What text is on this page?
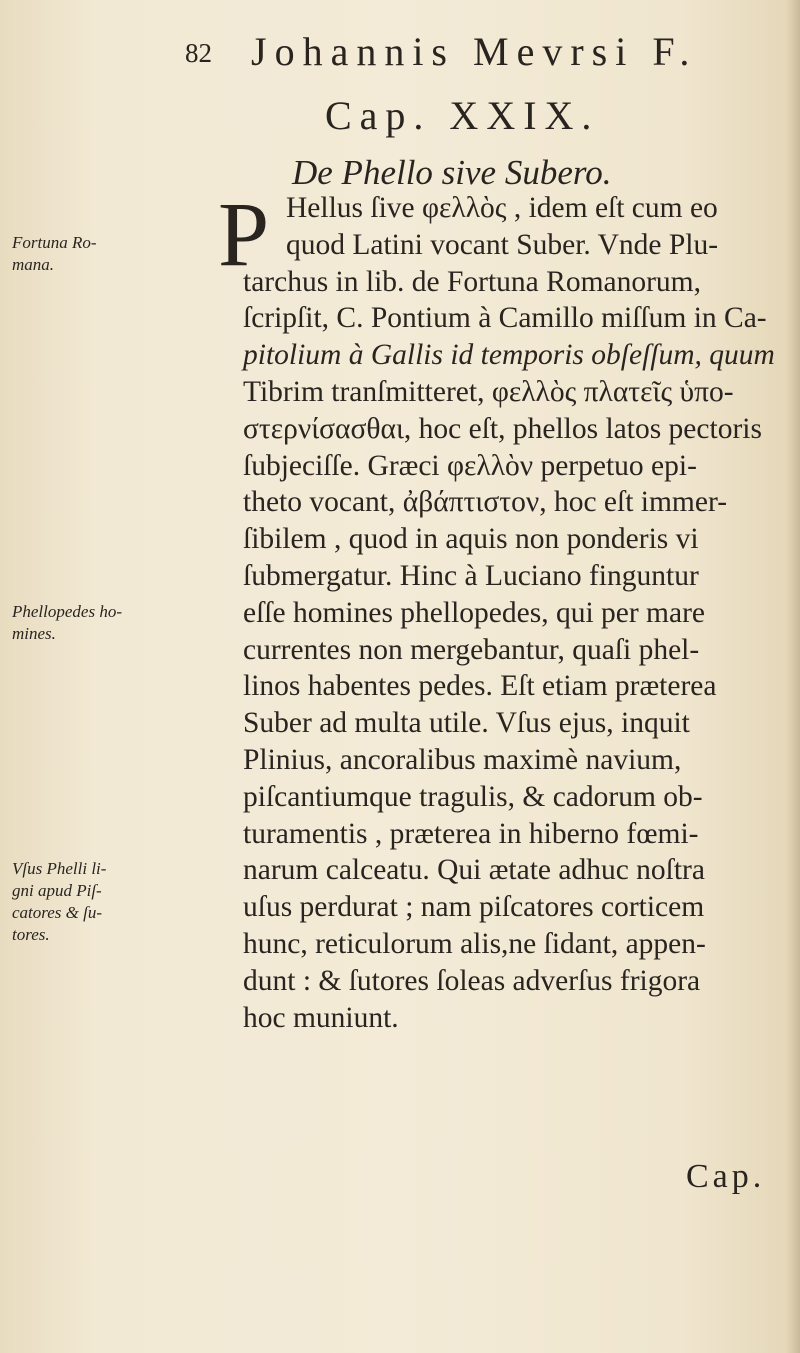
82 Johannis Mevrsi F.
Cap. XXIX.
De Phello sive Subero.
P Hellus ſive φελλὸς , idem eſt cum eo
quod Latini vocant Suber. Vnde Plu-
tarchus in lib. de Fortuna Romanorum,
ſcripſit, C. Pontium à Camillo miſſum in Ca-
pitolium à Gallis id temporis obſeſſum, quum
Tibrim tranſmitteret, φελλὸς πλατεῖς ὑπο-
στερνίσασθαι, hoc eſt, phellos latos pectoris
ſubjeciſſe. Græci φελλὸν perpetuo epi-
theto vocant, ἀβάπτιστον, hoc eſt immer-
ſibilem , quod in aquis non ponderis vi
ſubmergatur. Hinc à Luciano finguntur
eſſe homines phellopedes, qui per mare
currentes non mergebantur, quaſi phel-
linos habentes pedes. Eſt etiam præterea
Suber ad multa utile. Vſus ejus, inquit
Plinius, ancoralibus maximè navium,
piſcantiumque tragulis, & cadorum ob-
turamentis , præterea in hiberno fœmi-
narum calceatu. Qui ætate adhuc noſtra
uſus perdurat ; nam piſcatores corticem
hunc, reticulorum alis,ne ſidant, appen-
dunt : & ſutores ſoleas adverſus frigora
hoc muniunt.
Fortuna Ro-
mana.
Phellopedes ho-
mines.
Vſus Phelli li-
gni apud Piſ-
catores & ſu-
tores.
Cap.
